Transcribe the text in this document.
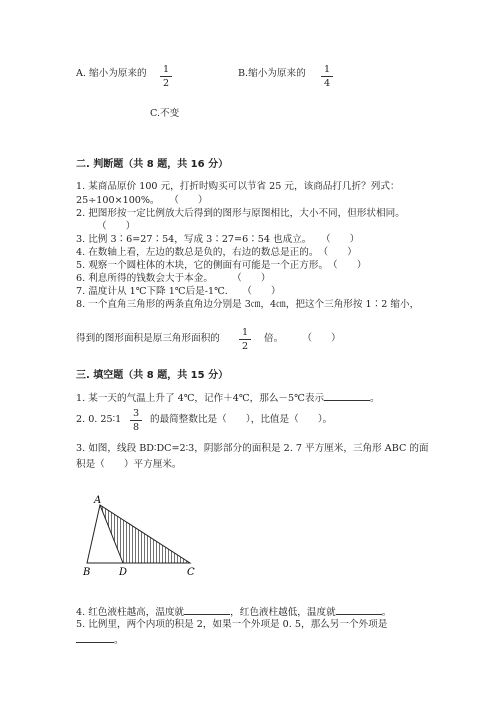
A. 缩小为原来的	1
2
B.缩小为原来的	1
4
C.不变
二. 判断题（共 8 题，共 16 分）
1. 某商品原价 100 元，打折时购买可以节省 25 元，该商品打几折？列式：
25÷100×100%。　　（　　）
2. 把图形按一定比例放大后得到的图形与原图相比，大小不同，但形状相同。
（　　）
3. 比例 3∶6=27∶54，写成 3∶27=6∶54 也成立。　　（　　）
4. 在数轴上看，左边的数总是负的，右边的数总是正的。　（　　）
5. 观察一个圆柱体的木块，它的侧面有可能是一个正方形。　（　　）
6. 利息所得的钱数会大于本金。　　　（　　）
7. 温度计从 1℃下降 1℃后是-1℃.　　（　　）
8. 一个直角三角形的两条直角边分别是 3㎝，4㎝，把这个三角形按 1∶2 缩小，
得到的图形面积是原三角形面积的
1
2
倍。　　　（　　）
三. 填空题（共 8 题，共 15 分）
1. 某一天的气温上升了 4℃，记作＋4℃，那么－5℃表示	。
2. 0. 25∶1
3
8
的最简整数比是（　　），比值是（　　）。
3. 如图，线段 BD∶DC=2∶3，阴影部分的面积是 2. 7 平方厘米，三角形 ABC 的面
积是（　　）平方厘米。
A
B	D	C
4. 红色液柱越高，温度就	，红色液柱越低，温度就	。
5. 比例里，两个内项的积是 2，如果一个外项是 0. 5，那么另一个外项是
。
